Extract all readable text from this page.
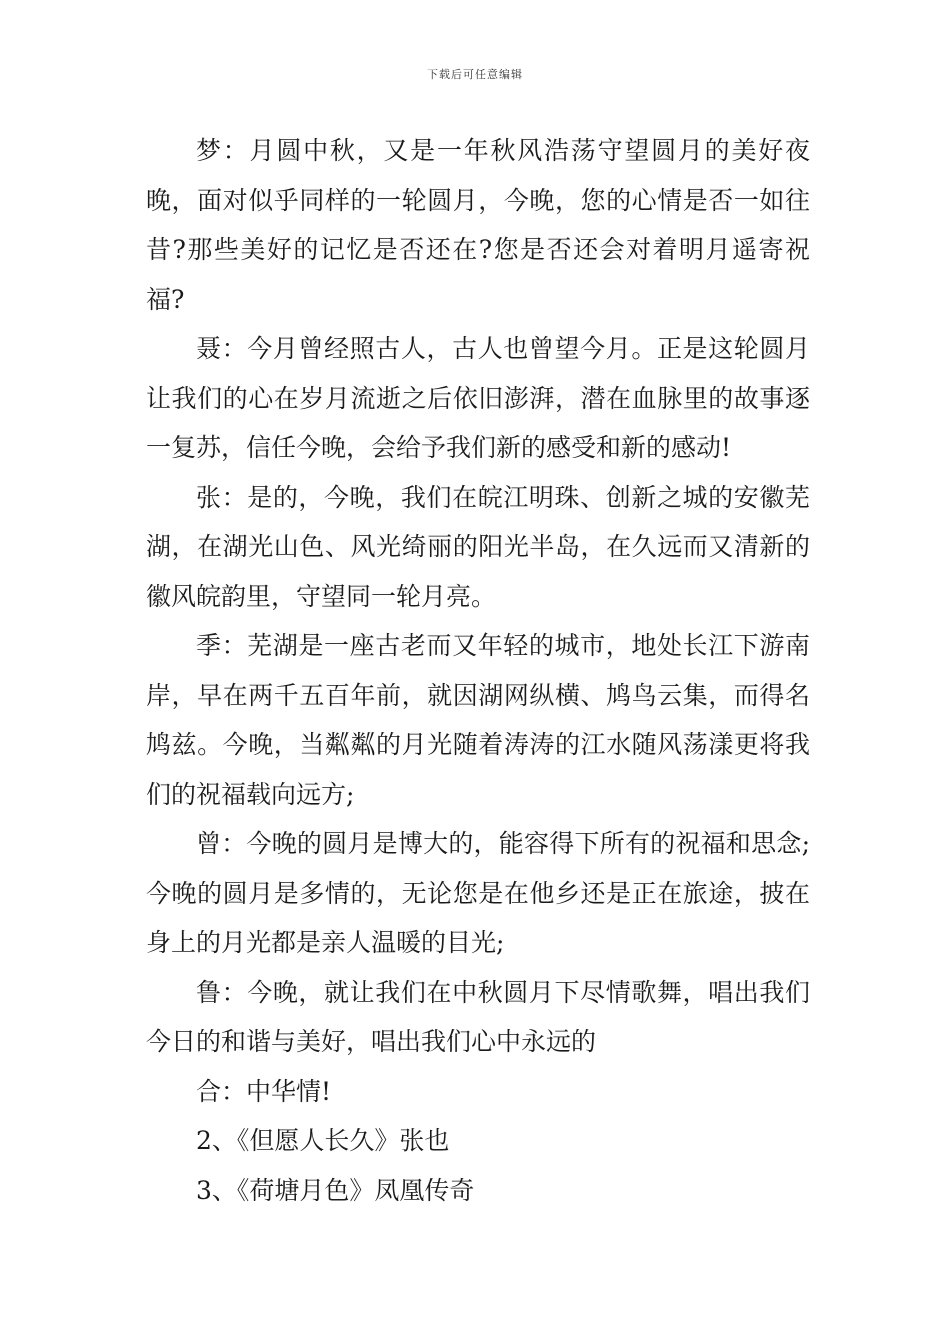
下载后可任意编辑

梦：月圆中秋，又是一年秋风浩荡守望圆月的美好夜晚，面对似乎同样的一轮圆月，今晚，您的心情是否一如往昔?那些美好的记忆是否还在?您是否还会对着明月遥寄祝福?

聂：今月曾经照古人，古人也曾望今月。正是这轮圆月让我们的心在岁月流逝之后依旧澎湃，潜在血脉里的故事逐一复苏，信任今晚，会给予我们新的感受和新的感动!

张：是的，今晚，我们在皖江明珠、创新之城的安徽芜湖，在湖光山色、风光绮丽的阳光半岛，在久远而又清新的徽风皖韵里，守望同一轮月亮。

季：芜湖是一座古老而又年轻的城市，地处长江下游南岸，早在两千五百年前，就因湖网纵横、鸠鸟云集，而得名鸠兹。今晚，当粼粼的月光随着涛涛的江水随风荡漾更将我们的祝福载向远方;

曾：今晚的圆月是博大的，能容得下所有的祝福和思念;今晚的圆月是多情的，无论您是在他乡还是正在旅途，披在身上的月光都是亲人温暖的目光;

鲁：今晚，就让我们在中秋圆月下尽情歌舞，唱出我们今日的和谐与美好，唱出我们心中永远的

合：中华情!

2、《但愿人长久》张也

3、《荷塘月色》凤凰传奇
